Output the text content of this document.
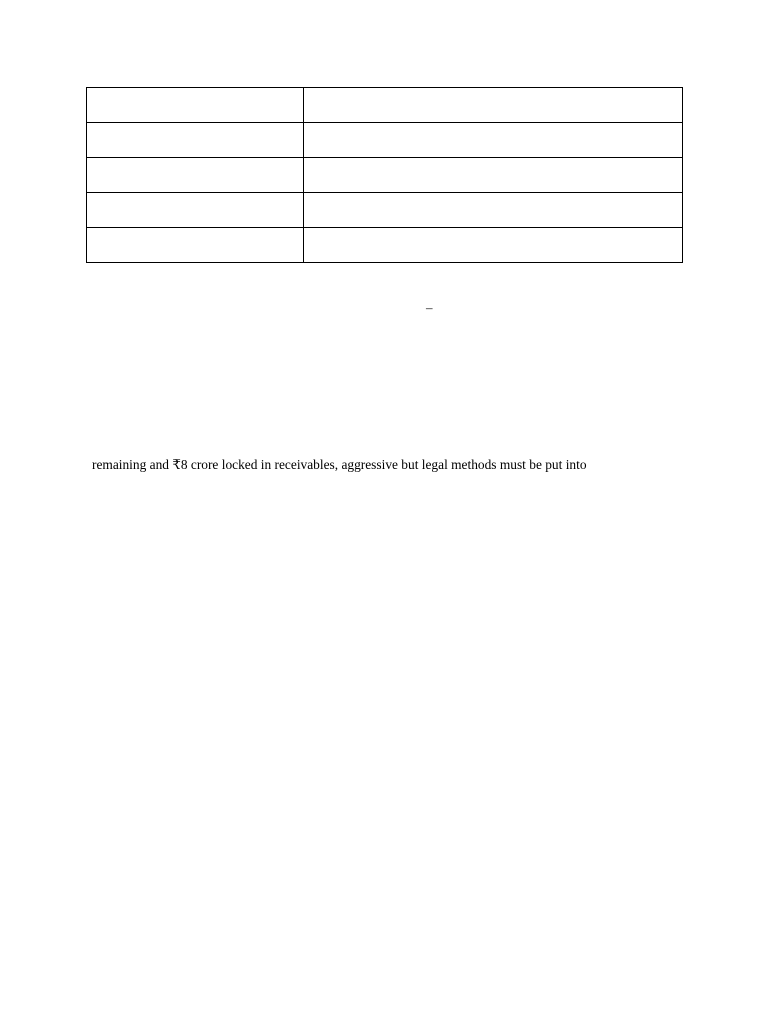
–
remaining and ₹8 crore locked in receivables, aggressive but legal methods must be put into
